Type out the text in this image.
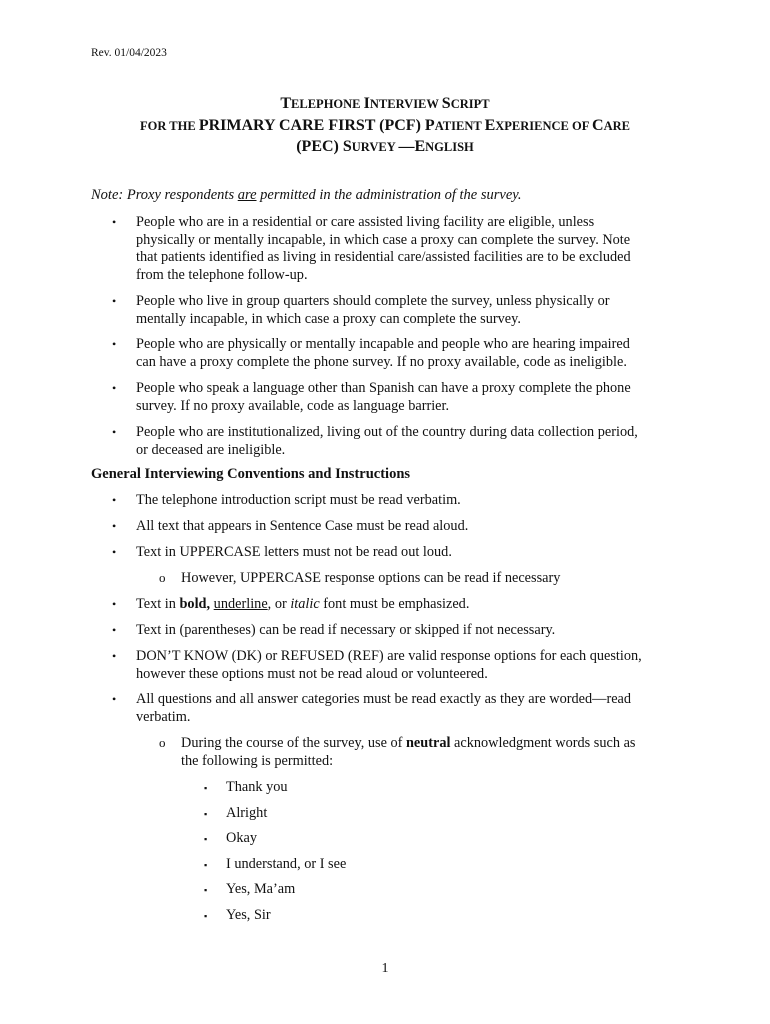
Rev. 01/04/2023
TELEPHONE INTERVIEW SCRIPT
FOR THE PRIMARY CARE FIRST (PCF) PATIENT EXPERIENCE OF CARE
(PEC) SURVEY —ENGLISH
Note: Proxy respondents are permitted in the administration of the survey.
• People who are in a residential or care assisted living facility are eligible, unless
physically or mentally incapable, in which case a proxy can complete the survey. Note
that patients identified as living in residential care/assisted facilities are to be excluded
from the telephone follow-up.
• People who live in group quarters should complete the survey, unless physically or
mentally incapable, in which case a proxy can complete the survey.
• People who are physically or mentally incapable and people who are hearing impaired
can have a proxy complete the phone survey. If no proxy available, code as ineligible.
• People who speak a language other than Spanish can have a proxy complete the phone
survey. If no proxy available, code as language barrier.
• People who are institutionalized, living out of the country during data collection period,
or deceased are ineligible.
General Interviewing Conventions and Instructions
• The telephone introduction script must be read verbatim.
• All text that appears in Sentence Case must be read aloud.
• Text in UPPERCASE letters must not be read out loud.
o However, UPPERCASE response options can be read if necessary
• Text in bold, underline, or italic font must be emphasized.
• Text in (parentheses) can be read if necessary or skipped if not necessary.
• DON’T KNOW (DK) or REFUSED (REF) are valid response options for each question,
however these options must not be read aloud or volunteered.
• All questions and all answer categories must be read exactly as they are worded—read
verbatim.
o During the course of the survey, use of neutral acknowledgment words such as
the following is permitted:
▪ Thank you
▪ Alright
▪ Okay
▪ I understand, or I see
▪ Yes, Ma’am
▪ Yes, Sir
1
